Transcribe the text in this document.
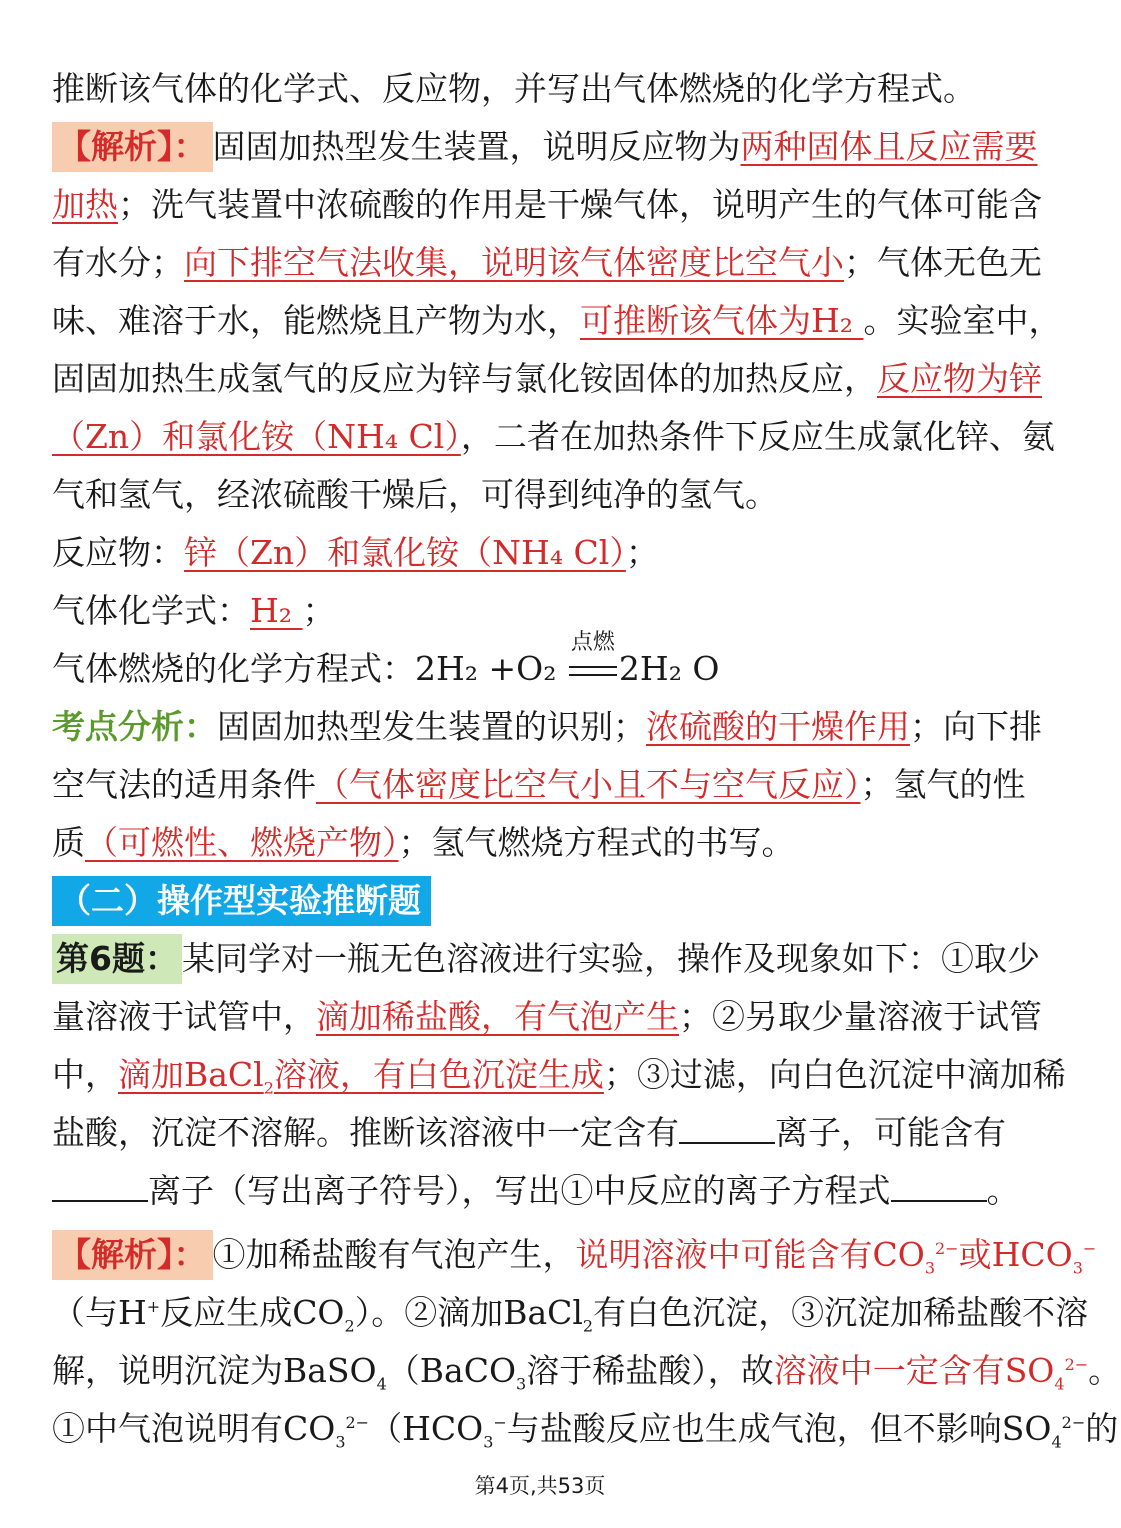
推断该气体的化学式、反应物，并写出气体燃烧的化学方程式。
【解析】： 固固加热型发生装置，说明反应物为两种固体且反应需要
加热；洗气装置中浓硫酸的作用是干燥气体，说明产生的气体可能含
有水分；向下排空气法收集，说明该气体密度比空气小；气体无色无
味、难溶于水，能燃烧且产物为水，可推断该气体为H₂ 。实验室中，
固固加热生成氢气的反应为锌与氯化铵固体的加热反应，反应物为锌
（Zn）和氯化铵（NH₄ Cl），二者在加热条件下反应生成氯化锌、氨
气和氢气，经浓硫酸干燥后，可得到纯净的氢气。
反应物：锌（Zn）和氯化铵（NH₄ Cl）；
气体化学式：H₂ ；
气体燃烧的化学方程式：2H₂ +O₂
点燃
2H₂ O
考点分析：固固加热型发生装置的识别；浓硫酸的干燥作用；向下排
空气法的适用条件（气体密度比空气小且不与空气反应）；氢气的性
质（可燃性、燃烧产物）；氢气燃烧方程式的书写。
（二）操作型实验推断题
第6题： 某同学对一瓶无色溶液进行实验，操作及现象如下：①取少
量溶液于试管中，滴加稀盐酸，有气泡产生；②另取少量溶液于试管
中，滴加BaCl$_2$溶液，有白色沉淀生成；③过滤，向白色沉淀中滴加稀
盐酸，沉淀不溶解。推断该溶液中一定含有	离子，可能含有
离子（写出离子符号），写出①中反应的离子方程式	。
【解析】： ①加稀盐酸有气泡产生，说明溶液中可能含有$CO_3^{2-}$或$HCO_3^-$
（与H+反应生成$CO_2$）。②滴加BaCl$_2$有白色沉淀，③沉淀加稀盐酸不溶
解，说明沉淀为BaSO$_4$（BaCO$_3$溶于稀盐酸），故溶液中一定含有$SO_4^{2-}$。
①中气泡说明有$CO_3^{2-}(HCO_3^-$与盐酸反应也生成气泡，但不影响$SO_4^{2-}$的
第4页,共53页
